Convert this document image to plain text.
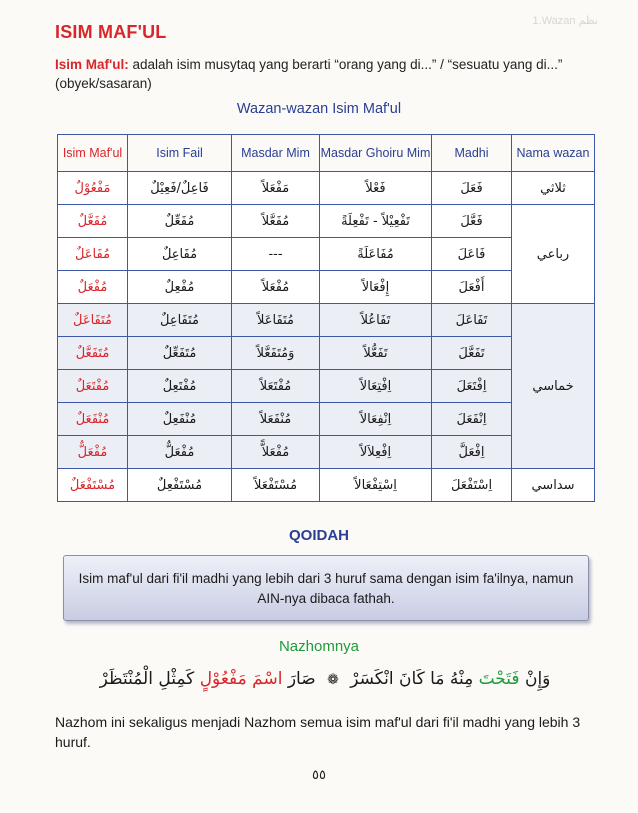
1.Wazan نظم
ISIM MAF'UL
Isim Maf'ul: adalah isim musytaq yang berarti “orang yang di...” / “sesuatu yang di...” (obyek/sasaran)
Wazan-wazan Isim Maf'ul
Isim Maf'ul	Isim Fail	Masdar Mim	Masdar Ghoiru Mim	Madhi	Nama wazan
مَفْعُوْلٌ	فَاعِلٌ/فَعِيْلٌ	مَفْعَلاً	فَعْلاً	فَعَلَ	ثلاثي
مُفَعَّلٌ	مُفَعِّلٌ	مُفَعَّلاً	تَفْعِيْلاً - تَفْعِلَةً	فَعَّلَ	رباعي
مُفَاعَلٌ	مُفَاعِلٌ	---	مُفَاعَلَةً	فَاعَلَ	
مُفْعَلٌ	مُفْعِلٌ	مُفْعَلاً	إِفْعَالاً	أَفْعَلَ	
مُتَفَاعَلٌ	مُتَفَاعِلٌ	مُتَفَاعَلاً	تَفَاعُلاً	تَفَاعَلَ	خماسي
مُتَفَعَّلٌ	مُتَفَعِّلٌ	وَمُتَفَعَّلاً	تَفَعُّلاً	تَفَعَّلَ	
مُفْتَعَلٌ	مُفْتَعِلٌ	مُفْتَعَلاً	اِفْتِعَالاً	اِفْتَعَلَ	
مُنْفَعَلٌ	مُنْفَعِلٌ	مُنْفَعَلاً	اِنْفِعَالاً	اِنْفَعَلَ	
مُفْعَلٌّ	مُفْعَلٌّ	مُفْعَلاًّ	اِفْعِلاَلاً	اِفْعَلَّ	
مُسْتَفْعَلٌ	مُسْتَفْعِلٌ	مُسْتَفْعَلاً	اِسْتِفْعَالاً	اِسْتَفْعَلَ	سداسي
QOIDAH
Isim maf'ul dari fi'il madhi yang lebih dari 3 huruf sama dengan isim fa'ilnya, namun AIN-nya dibaca fathah.
Nazhomnya
وَإِنْ فَتَحْتَ مِنْهُ مَا كَانَ انْكَسَرْ ❁ صَارَ اسْمَ مَفْعُوْلٍ كَمِثْلِ الْمُنْتَظَرْ
Nazhom ini sekaligus menjadi Nazhom semua isim maf'ul dari fi'il madhi yang lebih 3 huruf.
٥٥
